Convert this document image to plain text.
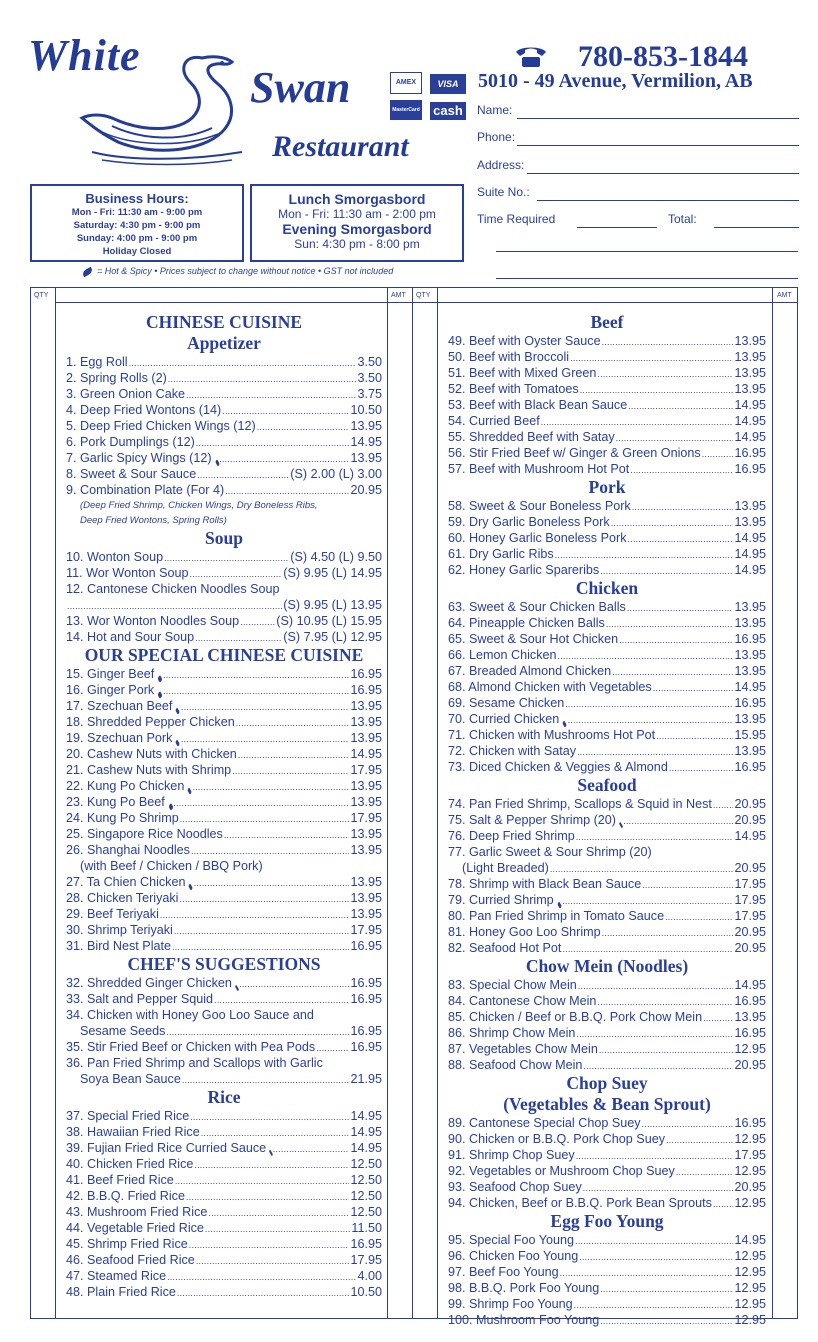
White
Swan
Restaurant
AMEX	VISA
MasterCard cash
780-853-1844
5010 - 49 Avenue, Vermilion, AB
Name:
Phone:
Address:
Suite No.:
Time Required	Total:
Business Hours:
Mon - Fri: 11:30 am - 9:00 pm
Saturday: 4:30 pm - 9:00 pm
Sunday: 4:00 pm - 9:00 pm
Holiday Closed
Lunch Smorgasbord
Mon - Fri: 11:30 am - 2:00 pm
Evening Smorgasbord
Sun: 4:30 pm - 8:00 pm
= Hot & Spicy • Prices subject to change without notice • GST not included
QTY	AMT QTY	AMT
CHINESE CUISINE
Appetizer
1. Egg Roll .....	3.50
2. Spring Rolls (2) .....	3.50
3. Green Onion Cake .....	3.75
4. Deep Fried Wontons (14) .....	10.50
5. Deep Fried Chicken Wings (12) .....	13.95
6. Pork Dumplings (12) .....	14.95
7. Garlic Spicy Wings (12) .....	13.95
8. Sweet & Sour Sauce .....	(S) 2.00 (L) 3.00
9. Combination Plate (For 4) .....	20.95
(Deep Fried Shrimp, Chicken Wings, Dry Boneless Ribs,
Deep Fried Wontons, Spring Rolls)
Soup
10. Wonton Soup .....	(S) 4.50 (L) 9.50
11. Wor Wonton Soup .....	(S) 9.95 (L) 14.95
12. Cantonese Chicken Noodles Soup
.....
(S) 9.95 (L) 13.95
13. Wor Wonton Noodles Soup .....	(S) 10.95 (L) 15.95
14. Hot and Sour Soup .....	(S) 7.95 (L) 12.95
OUR SPECIAL CHINESE CUISINE
15. Ginger Beef .....	16.95
16. Ginger Pork .....	16.95
17. Szechuan Beef .....	13.95
18. Shredded Pepper Chicken .....	13.95
19. Szechuan Pork .....	13.95
20. Cashew Nuts with Chicken .....	14.95
21. Cashew Nuts with Shrimp .....	17.95
22. Kung Po Chicken .....	13.95
23. Kung Po Beef .....	13.95
24. Kung Po Shrimp .....	17.95
25. Singapore Rice Noodles .....	13.95
26. Shanghai Noodles .....	13.95
(with Beef / Chicken / BBQ Pork)
27. Ta Chien Chicken .....	13.95
28. Chicken Teriyaki .....	13.95
29. Beef Teriyaki .....	13.95
30. Shrimp Teriyaki .....	17.95
31. Bird Nest Plate .....	16.95
CHEF'S SUGGESTIONS
32. Shredded Ginger Chicken .....	16.95
33. Salt and Pepper Squid .....	16.95
34. Chicken with Honey Goo Loo Sauce and
Sesame Seeds .....	16.95
35. Stir Fried Beef or Chicken with Pea Pods .....	16.95
36. Pan Fried Shrimp and Scallops with Garlic
Soya Bean Sauce .....	21.95
Rice
37. Special Fried Rice .....	14.95
38. Hawaiian Fried Rice .....	14.95
39. Fujian Fried Rice Curried Sauce .....	14.95
40. Chicken Fried Rice .....	12.50
41. Beef Fried Rice .....	12.50
42. B.B.Q. Fried Rice .....	12.50
43. Mushroom Fried Rice .....	12.50
44. Vegetable Fried Rice .....	11.50
45. Shrimp Fried Rice .....	16.95
46. Seafood Fried Rice .....	17.95
47. Steamed Rice .....	4.00
48. Plain Fried Rice .....	10.50
Beef
49. Beef with Oyster Sauce .....	13.95
50. Beef with Broccoli .....	13.95
51. Beef with Mixed Green .....	13.95
52. Beef with Tomatoes .....	13.95
53. Beef with Black Bean Sauce .....	14.95
54. Curried Beef .....	14.95
55. Shredded Beef with Satay .....	14.95
56. Stir Fried Beef w/ Ginger & Green Onions .....	16.95
57. Beef with Mushroom Hot Pot .....	16.95
Pork
58. Sweet & Sour Boneless Pork .....	13.95
59. Dry Garlic Boneless Pork .....	13.95
60. Honey Garlic Boneless Pork .....	14.95
61. Dry Garlic Ribs .....	14.95
62. Honey Garlic Spareribs .....	14.95
Chicken
63. Sweet & Sour Chicken Balls .....	13.95
64. Pineapple Chicken Balls .....	13.95
65. Sweet & Sour Hot Chicken .....	16.95
66. Lemon Chicken .....	13.95
67. Breaded Almond Chicken .....	13.95
68. Almond Chicken with Vegetables .....	14.95
69. Sesame Chicken .....	16.95
70. Curried Chicken .....	13.95
71. Chicken with Mushrooms Hot Pot .....	15.95
72. Chicken with Satay .....	13.95
73. Diced Chicken & Veggies & Almond .....	16.95
Seafood
74. Pan Fried Shrimp, Scallops & Squid in Nest ..... 20.95
75. Salt & Pepper Shrimp (20) .....	20.95
76. Deep Fried Shrimp .....	14.95
77. Garlic Sweet & Sour Shrimp (20)
(Light Breaded) .....	20.95
78. Shrimp with Black Bean Sauce .....	17.95
79. Curried Shrimp .....	17.95
80. Pan Fried Shrimp in Tomato Sauce .....	17.95
81. Honey Goo Loo Shrimp .....	20.95
82. Seafood Hot Pot .....	20.95
Chow Mein (Noodles)
83. Special Chow Mein .....	14.95
84. Cantonese Chow Mein .....	16.95
85. Chicken / Beef or B.B.Q. Pork Chow Mein .....	13.95
86. Shrimp Chow Mein .....	16.95
87. Vegetables Chow Mein .....	12.95
88. Seafood Chow Mein .....	20.95
Chop Suey
(Vegetables & Bean Sprout)
89. Cantonese Special Chop Suey .....	16.95
90. Chicken or B.B.Q. Pork Chop Suey .....	12.95
91. Shrimp Chop Suey .....	17.95
92. Vegetables or Mushroom Chop Suey .....	12.95
93. Seafood Chop Suey .....	20.95
94. Chicken, Beef or B.B.Q. Pork Bean Sprouts ..... 12.95
Egg Foo Young
95. Special Foo Young .....	14.95
96. Chicken Foo Young .....	12.95
97. Beef Foo Young .....	12.95
98. B.B.Q. Pork Foo Young .....	12.95
99. Shrimp Foo Young .....	12.95
100. Mushroom Foo Young .....	12.95
